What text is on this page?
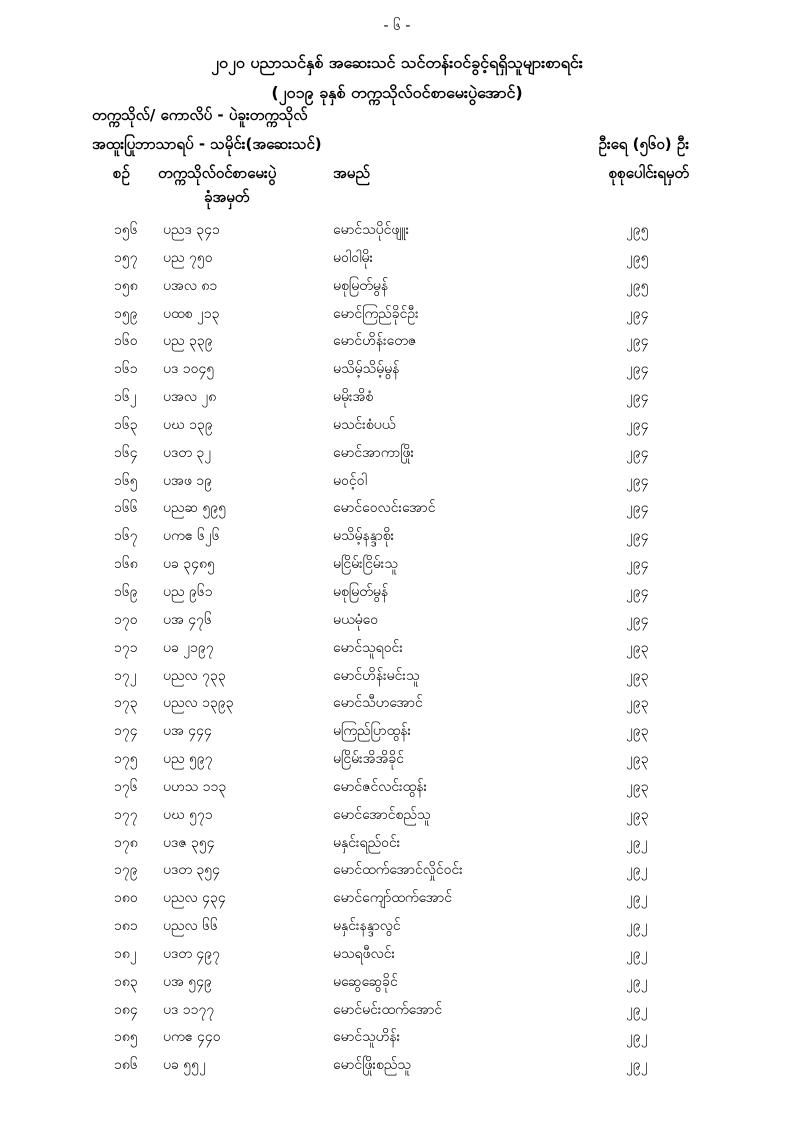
- ၆ -
၂၀၂၀ ပညာသင်နှစ် အဆေးသင် သင်တန်းဝင်ခွင့်ရရှိသူများစာရင်း
(၂၀၁၉ ခုနှစ် တက္ကသိုလ်ဝင်စာမေးပွဲအောင်)
တက္ကသိုလ်/ ကောလိပ် - ပဲခူးတက္ကသိုလ်
အထူးပြုဘာသာရပ် - သမိုင်း(အဆေးသင်)	ဦးရေ (၅၆၀) ဦး
စဉ် တက္ကသိုလ်ဝင်စာမေးပွဲ
ခုံအမှတ်
အမည်	စုစုပေါင်းရမှတ်
၁၅၆ ပညဒ ၃၄၁	မောင်သပိုင်ဖျူး	၂၉၅
၁၅၇ ပည ၇၅၀	မဝါဝါမိုး	၂၉၅
၁၅၈ ပအလ ၈၁	မစုမြတ်မွန်	၂၉၅
၁၅၉ ပထစ ၂၁၃	မောင်ကြည်ခိုင်ဦး	၂၉၄
၁၆၀ ပည ၃၃၉	မောင်ဟိန်းတေဇ	၂၉၄
၁၆၁ ပဒ ၁၀၄၅	မသိမ့်သိမ့်မွန်	၂၉၄
၁၆၂ ပအလ ၂၈	မမိုးအိစံ	၂၉၄
၁၆၃ ပဃ ၁၃၉	မသင်းစံပယ်	၂၉၄
၁၆၄ ပဒတ ၃၂	မောင်အာကာဖြိုး	၂၉၄
၁၆၅ ပအဖ ၁၉	မဝင့်ဝါ	၂၉၄
၁၆၆ ပညဆ ၅၉၅	မောင်ဝေလင်းအောင်	၂၉၄
၁၆၇ ပကဧ ၆၂၆	မသိမ့်နန္ဒာစိုး	၂၉၄
၁၆၈ ပခ ၃၄၈၅	မငြိမ်းငြိမ်းသူ	၂၉၄
၁၆၉ ပည ၉၆၁	မစုမြတ်မွန်	၂၉၄
၁၇၀ ပအ ၄၇၆	မယမုံဝေ	၂၉၄
၁၇၁ ပခ ၂၁၉၇	မောင်သူရဝင်း	၂၉၃
၁၇၂ ပညလ ၇၃၃	မောင်ဟိန်းမင်းသူ	၂၉၃
၁၇၃ ပညလ ၁၃၉၃	မောင်သီဟအောင်	၂၉၃
၁၇၄ ပအ ၄၄၄	မကြည်ပြာထွန်း	၂၉၃
၁၇၅ ပည ၅၉၇	မငြိမ်းအိအိခိုင်	၂၉၃
၁၇၆ ပဟသ ၁၁၃	မောင်ဇင်လင်းထွန်း	၂၉၃
၁၇၇ ပဃ ၅၇၁	မောင်အောင်စည်သူ	၂၉၃
၁၇၈ ပဒဇ ၃၅၄	မနှင်းရည်ဝင်း	၂၉၂
၁၇၉ ပဒတ ၃၅၄	မောင်ထက်အောင်လှိုင်ဝင်း	၂၉၂
၁၈၀ ပညလ ၄၃၄	မောင်ကျော်ထက်အောင်	၂၉၂
၁၈၁ ပညလ ၆၆	မနှင်းနန္ဒာလွင်	၂၉၂
၁၈၂ ပဒတ ၄၉၇	မသရဖီလင်း	၂၉၂
၁၈၃ ပအ ၅၄၉	မဆွေဆွေခိုင်	၂၉၂
၁၈၄ ပဒ ၁၁၇၇	မောင်မင်းထက်အောင်	၂၉၂
၁၈၅ ပကဧ ၄၄၀	မောင်သူဟိန်း	၂၉၂
၁၈၆ ပခ ၅၅၂	မောင်ဖြိုးစည်သူ	၂၉၂
